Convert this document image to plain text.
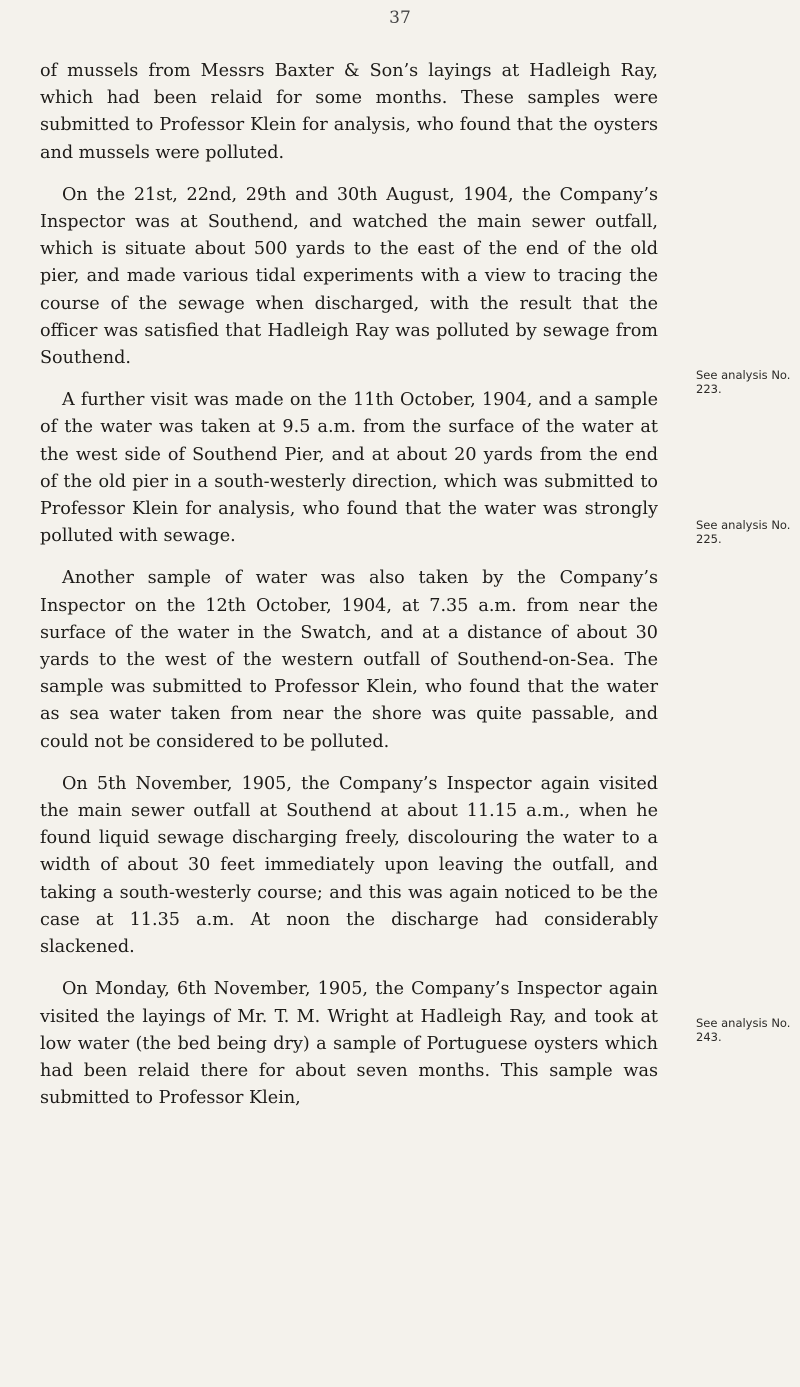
37

of mussels from Messrs Baxter & Son’s layings at Hadleigh Ray, which had been relaid for some months. These samples were submitted to Professor Klein for analysis, who found that the oysters and mussels were polluted.

On the 21st, 22nd, 29th and 30th August, 1904, the Company’s Inspector was at Southend, and watched the main sewer outfall, which is situate about 500 yards to the east of the end of the old pier, and made various tidal experiments with a view to tracing the course of the sewage when discharged, with the result that the officer was satisfied that Hadleigh Ray was polluted by sewage from Southend.

A further visit was made on the 11th October, 1904, and a sample of the water was taken at 9.5 a.m. from the surface of the water at the west side of Southend Pier, and at about 20 yards from the end of the old pier in a south-westerly direction, which was submitted to Professor Klein for analysis, who found that the water was strongly polluted with sewage.

Another sample of water was also taken by the Company’s Inspector on the 12th October, 1904, at 7.35 a.m. from near the surface of the water in the Swatch, and at a distance of about 30 yards to the west of the western outfall of Southend-on-Sea. The sample was submitted to Professor Klein, who found that the water as sea water taken from near the shore was quite passable, and could not be considered to be polluted.

On 5th November, 1905, the Company’s Inspector again visited the main sewer outfall at Southend at about 11.15 a.m., when he found liquid sewage discharging freely, discolouring the water to a width of about 30 feet immediately upon leaving the outfall, and taking a south-westerly course; and this was again noticed to be the case at 11.35 a.m. At noon the discharge had considerably slackened.

On Monday, 6th November, 1905, the Company’s Inspector again visited the layings of Mr. T. M. Wright at Hadleigh Ray, and took at low water (the bed being dry) a sample of Portuguese oysters which had been relaid there for about seven months. This sample was submitted to Professor Klein,

See analysis No. 223.
See analysis No. 225.
See analysis No. 243.
